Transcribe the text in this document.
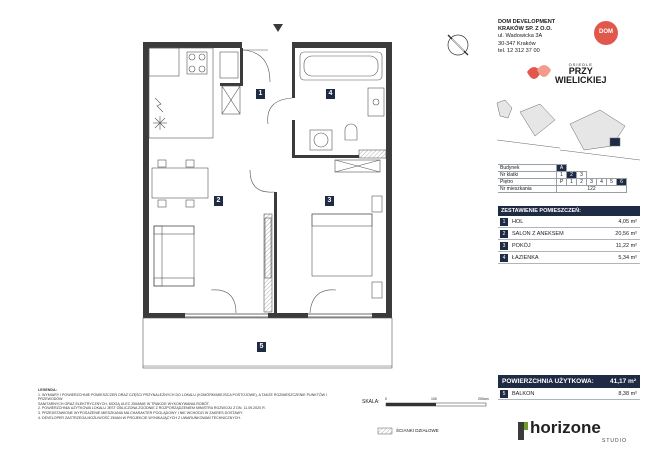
1
2	3
4
5
DOM DEVELOPMENT
KRAKÓW SP. Z O.O.
ul. Wadowicka 3A
30-347 Kraków
tel. 12 312 37 00
DOM
OSIEDLE
PRZY
WIELICKIEJ
Budynek	A						
Nr klatki	1	2	3				
Piętro	P	1	2	3	4	5	6
Nr mieszkania	122						
ZESTAWIENIE POMIESZCZEŃ:
1	HOL	4,05 m²
2	SALON Z ANEKSEM	20,56 m²
3	POKÓJ	11,22 m²
4	ŁAZIENKA	5,34 m²
POWIERZCHNIA UŻYTKOWA: 41,17 m²
5	BALKON	8,38 m²
SKALA: 0	100	200cm
ŚCIANKI DZIAŁOWE
LEGENDA:
1. WYMIARY I POWIERZCHNIE POMIESZCZEŃ ORAZ CZĘŚCI PRZYNALEŻNYCH DO LOKALU (KOMÓRKI/MIEJSCA POSTOJOWE), A TAKŻE ROZMIESZCZENIE PUNKTÓW I PRZEWODÓW
SANITARNYCH ORAZ ELEKTRYCZNYCH, MOGĄ ULEC ZMIANIE W TRAKCIE WYKONYWANIA ROBÓT.
2. POWIERZCHNIA UŻYTKOWA LOKALU JEST OBLICZONA ZGODNIE Z ROZPORZĄDZENIEM MINISTRA ROZWOJU Z DN. 11.09.2020 R.
3. PRZEDSTAWIONE WYPOSAŻENIE MIESZKANIA MA CHARAKTER POGLĄDOWY I NIE WCHODZI W ZAKRES DOSTAWY.
4. DEVELOPER ZASTRZEGA MOŻLIWOŚĆ ZMIAN W PROJEKCIE WYNIKAJĄCYCH Z UWARUNKOWAŃ TECHNICZNYCH.
horizone
STUDIO
